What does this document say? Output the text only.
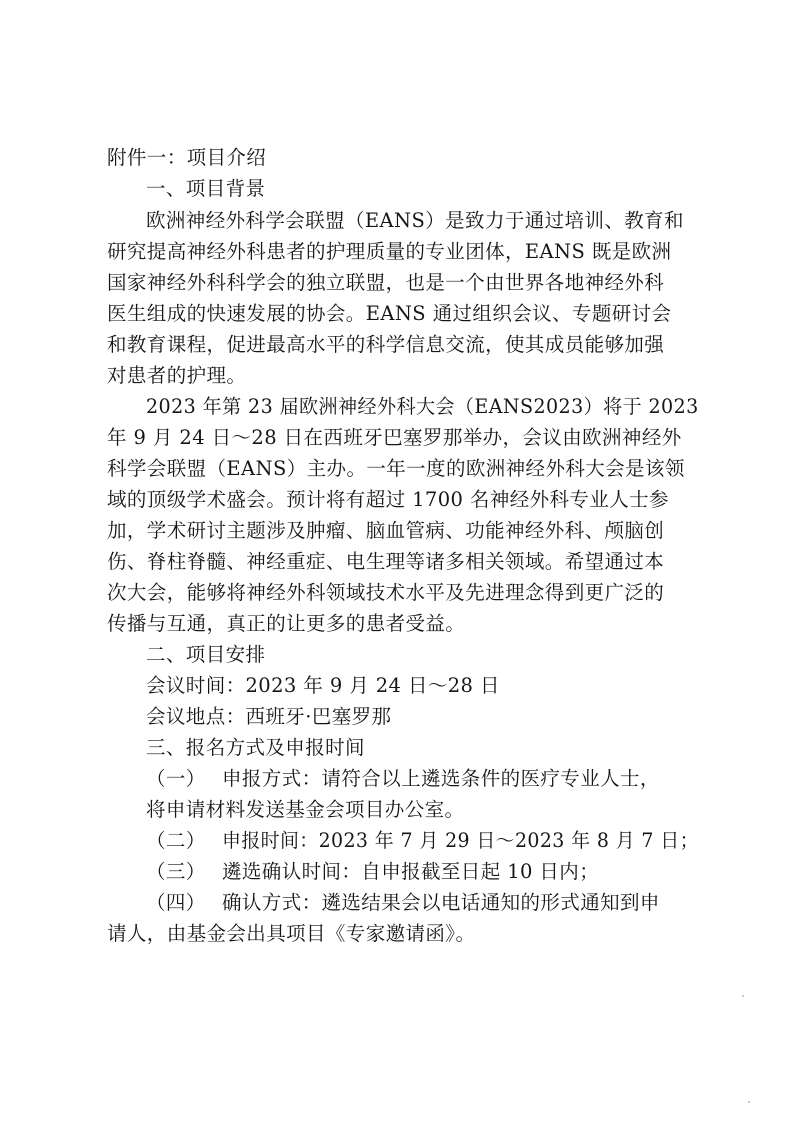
附件一：项目介绍
一、项目背景
欧洲神经外科学会联盟（EANS）是致力于通过培训、教育和
研究提高神经外科患者的护理质量的专业团体，EANS 既是欧洲
国家神经外科科学会的独立联盟，也是一个由世界各地神经外科
医生组成的快速发展的协会。EANS 通过组织会议、专题研讨会
和教育课程，促进最高水平的科学信息交流，使其成员能够加强
对患者的护理。
2023 年第 23 届欧洲神经外科大会（EANS2023）将于 2023
年 9 月 24 日～28 日在西班牙巴塞罗那举办，会议由欧洲神经外
科学会联盟（EANS）主办。一年一度的欧洲神经外科大会是该领
域的顶级学术盛会。预计将有超过 1700 名神经外科专业人士参
加，学术研讨主题涉及肿瘤、脑血管病、功能神经外科、颅脑创
伤、脊柱脊髓、神经重症、电生理等诸多相关领域。希望通过本
次大会，能够将神经外科领域技术水平及先进理念得到更广泛的
传播与互通，真正的让更多的患者受益。
二、项目安排
会议时间：2023 年 9 月 24 日～28 日
会议地点：西班牙·巴塞罗那
三、报名方式及申报时间
（一） 申报方式：请符合以上遴选条件的医疗专业人士，
将申请材料发送基金会项目办公室。
（二） 申报时间：2023 年 7 月 29 日～2023 年 8 月 7 日；
（三） 遴选确认时间：自申报截至日起 10 日内；
（四） 确认方式：遴选结果会以电话通知的形式通知到申
请人，由基金会出具项目《专家邀请函》。
